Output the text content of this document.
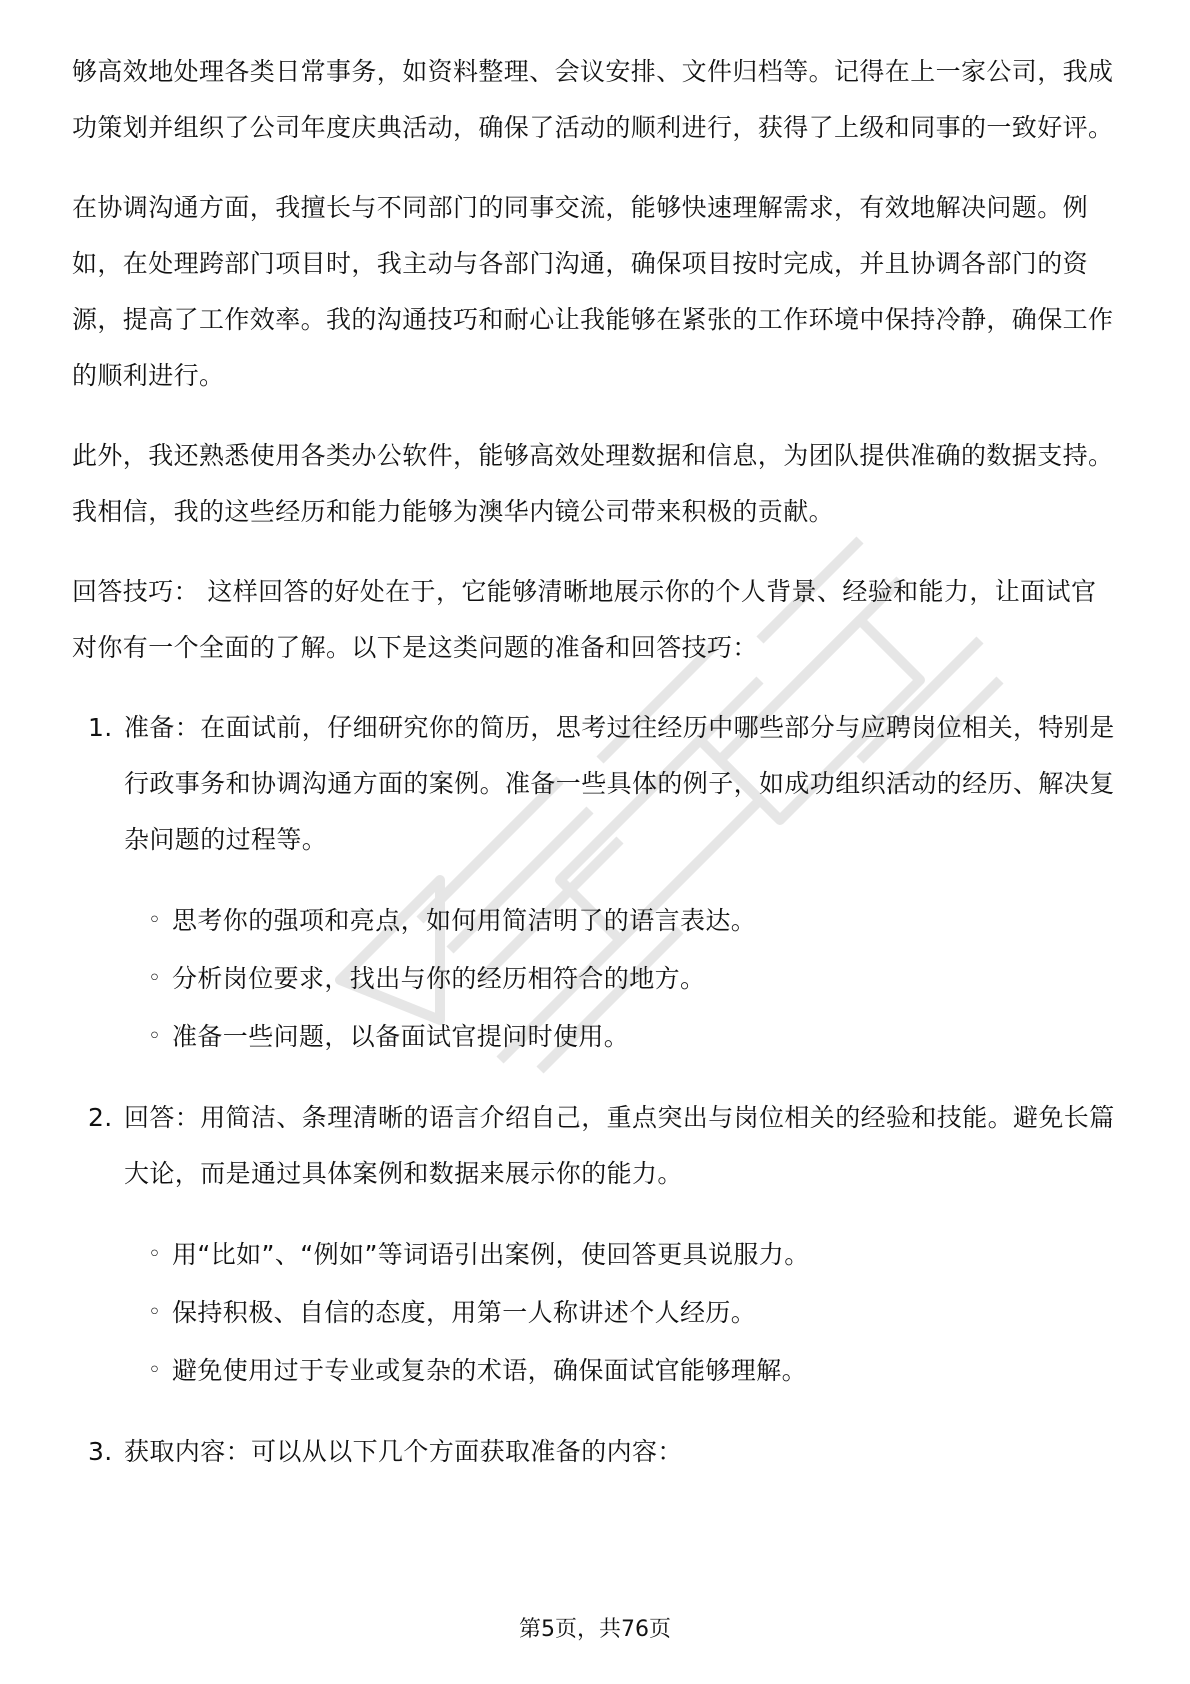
够高效地处理各类日常事务，如资料整理、会议安排、文件归档等。记得在上一家公司，我成功策划并组织了公司年度庆典活动，确保了活动的顺利进行，获得了上级和同事的一致好评。

在协调沟通方面，我擅长与不同部门的同事交流，能够快速理解需求，有效地解决问题。例如，在处理跨部门项目时，我主动与各部门沟通，确保项目按时完成，并且协调各部门的资源，提高了工作效率。我的沟通技巧和耐心让我能够在紧张的工作环境中保持冷静，确保工作的顺利进行。

此外，我还熟悉使用各类办公软件，能够高效处理数据和信息，为团队提供准确的数据支持。我相信，我的这些经历和能力能够为澳华内镜公司带来积极的贡献。

回答技巧： 这样回答的好处在于，它能够清晰地展示你的个人背景、经验和能力，让面试官对你有一个全面的了解。以下是这类问题的准备和回答技巧：

1. 准备：在面试前，仔细研究你的简历，思考过往经历中哪些部分与应聘岗位相关，特别是行政事务和协调沟通方面的案例。准备一些具体的例子，如成功组织活动的经历、解决复杂问题的过程等。
◦ 思考你的强项和亮点，如何用简洁明了的语言表达。
◦ 分析岗位要求，找出与你的经历相符合的地方。
◦ 准备一些问题，以备面试官提问时使用。
2. 回答：用简洁、条理清晰的语言介绍自己，重点突出与岗位相关的经验和技能。避免长篇大论，而是通过具体案例和数据来展示你的能力。
◦ 用“比如”、“例如”等词语引出案例，使回答更具说服力。
◦ 保持积极、自信的态度，用第一人称讲述个人经历。
◦ 避免使用过于专业或复杂的术语，确保面试官能够理解。
3. 获取内容：可以从以下几个方面获取准备的内容：
第5页，共76页
